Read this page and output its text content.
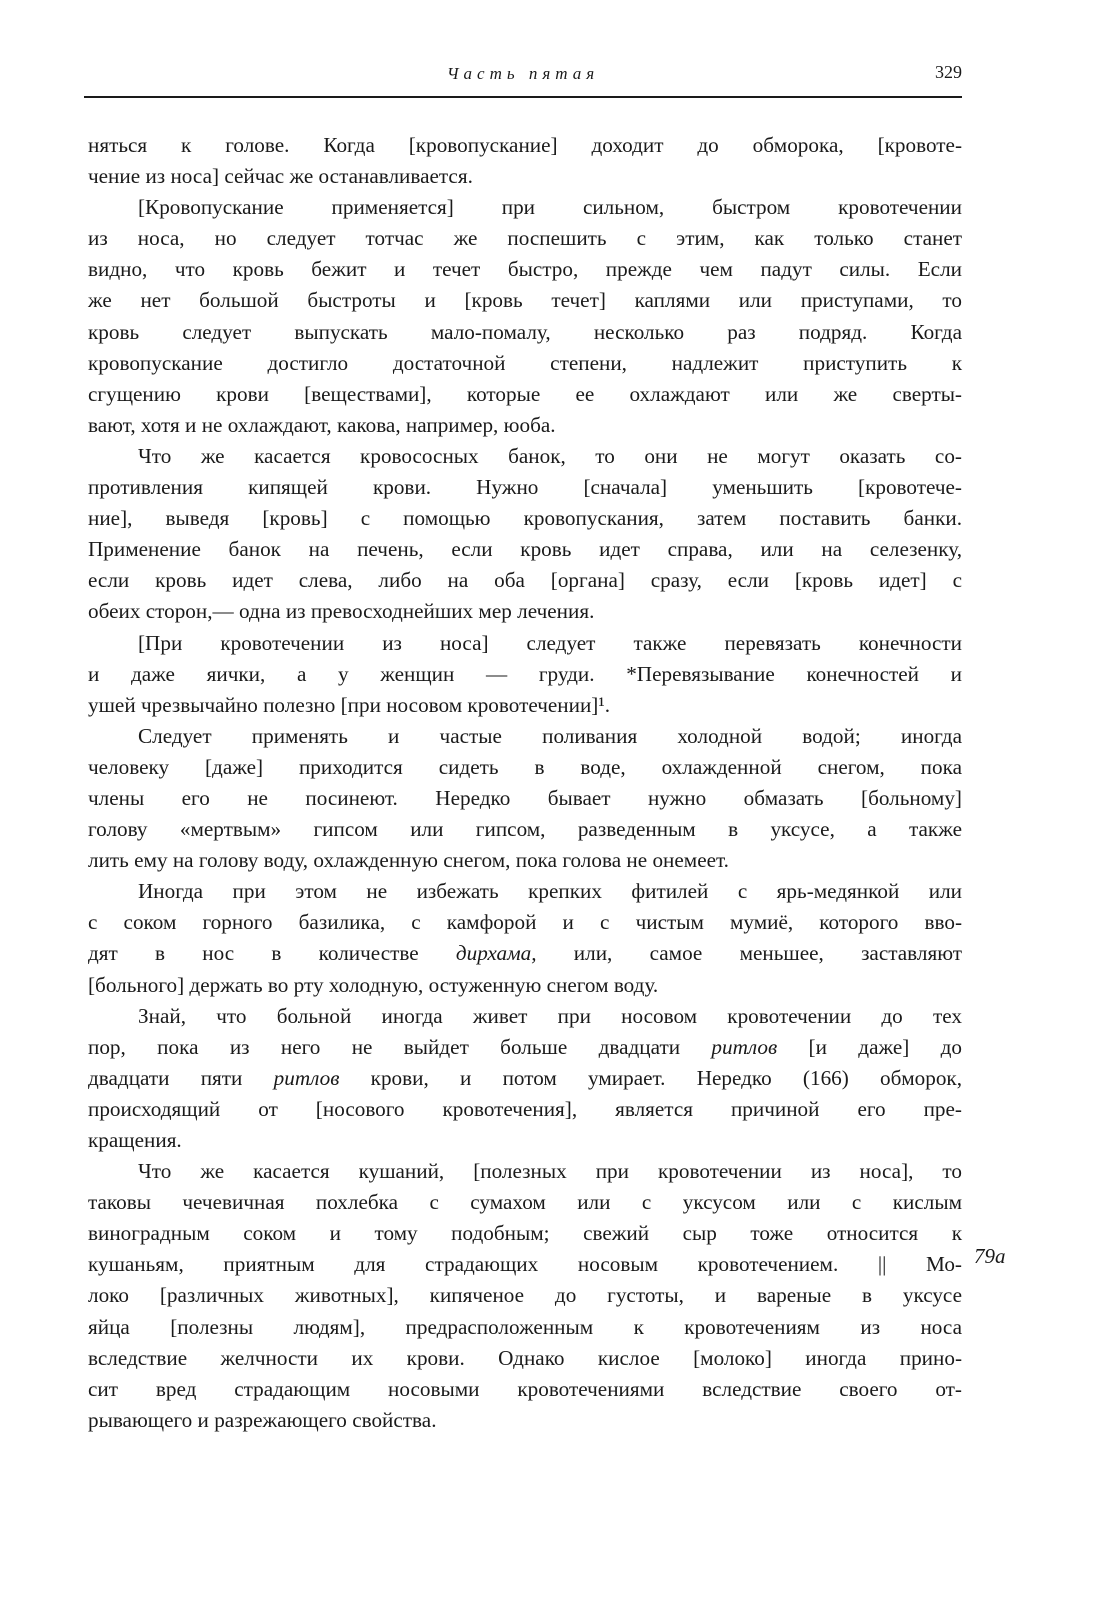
Часть пятая	329
няться к голове. Когда [кровопускание] доходит до обморока, [кровоте-
чение из носа] сейчас же останавливается.
[Кровопускание применяется] при сильном, быстром кровотечении
из носа, но следует тотчас же поспешить с этим, как только станет
видно, что кровь бежит и течет быстро, прежде чем падут силы. Если
же нет большой быстроты и [кровь течет] каплями или приступами, то
кровь следует выпускать мало-помалу, несколько раз подряд. Когда
кровопускание достигло достаточной степени, надлежит приступить к
сгущению крови [веществами], которые ее охлаждают или же сверты-
вают, хотя и не охлаждают, какова, например, юоба.
Что же касается кровососных банок, то они не могут оказать со-
противления кипящей крови. Нужно [сначала] уменьшить [кровотече-
ние], выведя [кровь] с помощью кровопускания, затем поставить банки.
Применение банок на печень, если кровь идет справа, или на селезенку,
если кровь идет слева, либо на оба [органа] сразу, если [кровь идет] с
обеих сторон,— одна из превосходнейших мер лечения.
[При кровотечении из носа] следует также перевязать конечности
и даже яички, а у женщин — груди. *Перевязывание конечностей и
ушей чрезвычайно полезно [при носовом кровотечении]¹.
Следует применять и частые поливания холодной водой; иногда
человеку [даже] приходится сидеть в воде, охлажденной снегом, пока
члены его не посинеют. Нередко бывает нужно обмазать [больному]
голову «мертвым» гипсом или гипсом, разведенным в уксусе, а также
лить ему на голову воду, охлажденную снегом, пока голова не онемеет.
Иногда при этом не избежать крепких фитилей с ярь-медянкой или
с соком горного базилика, с камфорой и с чистым мумиё, которого вво-
дят в нос в количестве дирхама, или, самое меньшее, заставляют
[больного] держать во рту холодную, остуженную снегом воду.
Знай, что больной иногда живет при носовом кровотечении до тех
пор, пока из него не выйдет больше двадцати ритлов [и даже] до
двадцати пяти ритлов крови, и потом умирает. Нередко (166) обморок,
происходящий от [носового кровотечения], является причиной его пре-
кращения.
Что же касается кушаний, [полезных при кровотечении из носа], то
таковы чечевичная похлебка с сумахом или с уксусом или с кислым
виноградным соком и тому подобным; свежий сыр тоже относится к
кушаньям, приятным для страдающих носовым кровотечением. || Мо-
локо [различных животных], кипяченое до густоты, и вареные в уксусе
яйца [полезны людям], предрасположенным к кровотечениям из носа
вследствие желчности их крови. Однако кислое [молоко] иногда прино-
сит вред страдающим носовыми кровотечениями вследствие своего от-
рывающего и разрежающего свойства.
79a
